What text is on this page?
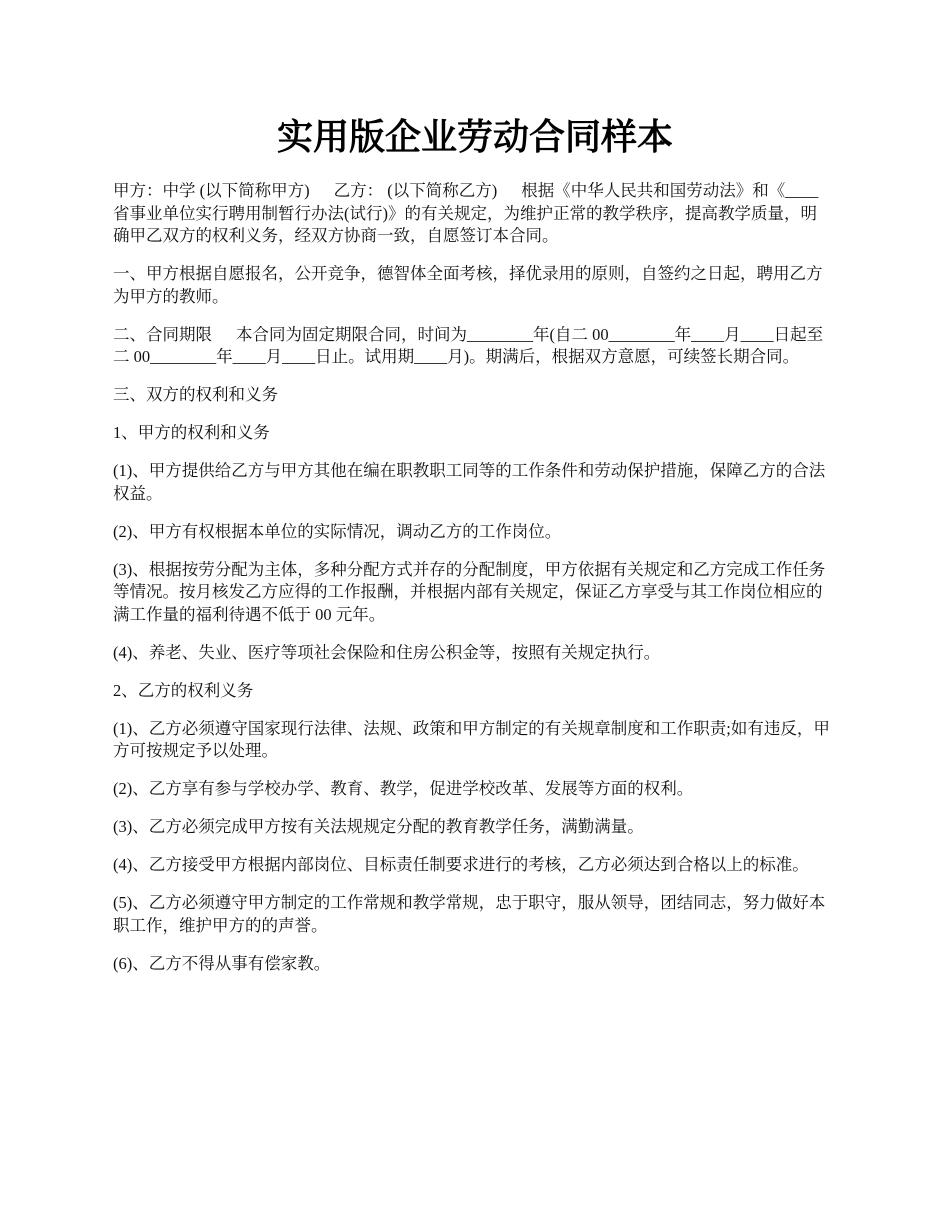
实用版企业劳动合同样本

甲方：中学 (以下简称甲方) 乙方： (以下简称乙方) 根据《中华人民共和国劳动法》和《____省事业单位实行聘用制暂行办法(试行)》的有关规定，为维护正常的教学秩序，提高教学质量，明确甲乙双方的权利义务，经双方协商一致，自愿签订本合同。

一、甲方根据自愿报名，公开竞争，德智体全面考核，择优录用的原则，自签约之日起，聘用乙方为甲方的教师。

二、合同期限 本合同为固定期限合同，时间为________年(自二 00________年____月____日起至二 00________年____月____日止。试用期____月)。期满后，根据双方意愿，可续签长期合同。

三、双方的权利和义务

1、甲方的权利和义务

(1)、甲方提供给乙方与甲方其他在编在职教职工同等的工作条件和劳动保护措施，保障乙方的合法权益。

(2)、甲方有权根据本单位的实际情况，调动乙方的工作岗位。

(3)、根据按劳分配为主体，多种分配方式并存的分配制度，甲方依据有关规定和乙方完成工作任务等情况。按月核发乙方应得的工作报酬，并根据内部有关规定，保证乙方享受与其工作岗位相应的满工作量的福利待遇不低于 00 元年。

(4)、养老、失业、医疗等项社会保险和住房公积金等，按照有关规定执行。

2、乙方的权利义务

(1)、乙方必须遵守国家现行法律、法规、政策和甲方制定的有关规章制度和工作职责;如有违反，甲方可按规定予以处理。

(2)、乙方享有参与学校办学、教育、教学，促进学校改革、发展等方面的权利。

(3)、乙方必须完成甲方按有关法规规定分配的教育教学任务，满勤满量。

(4)、乙方接受甲方根据内部岗位、目标责任制要求进行的考核，乙方必须达到合格以上的标准。

(5)、乙方必须遵守甲方制定的工作常规和教学常规，忠于职守，服从领导，团结同志，努力做好本职工作，维护甲方的的声誉。

(6)、乙方不得从事有偿家教。
